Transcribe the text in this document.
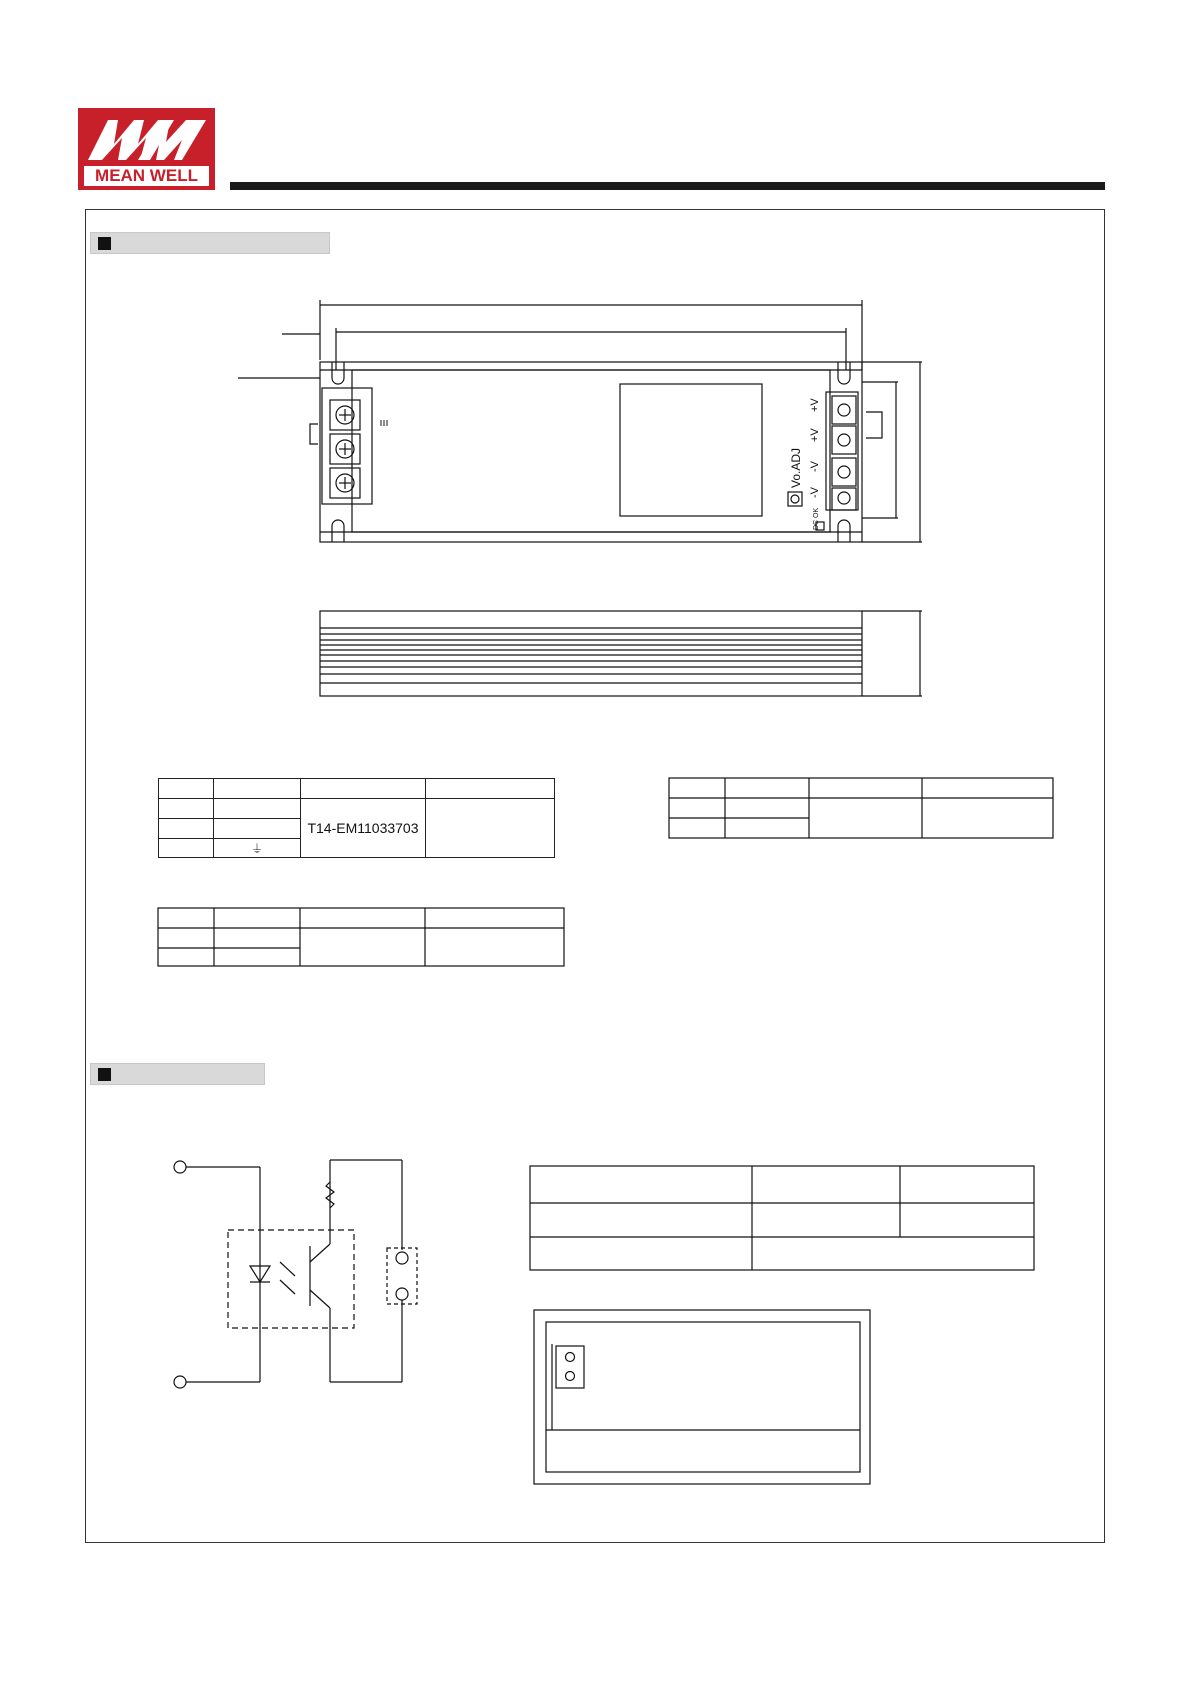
MEAN WELL
+V
+V
-V
-V
Vo.ADJ
DC OK

		T14-EM11033703	

	⏚		
